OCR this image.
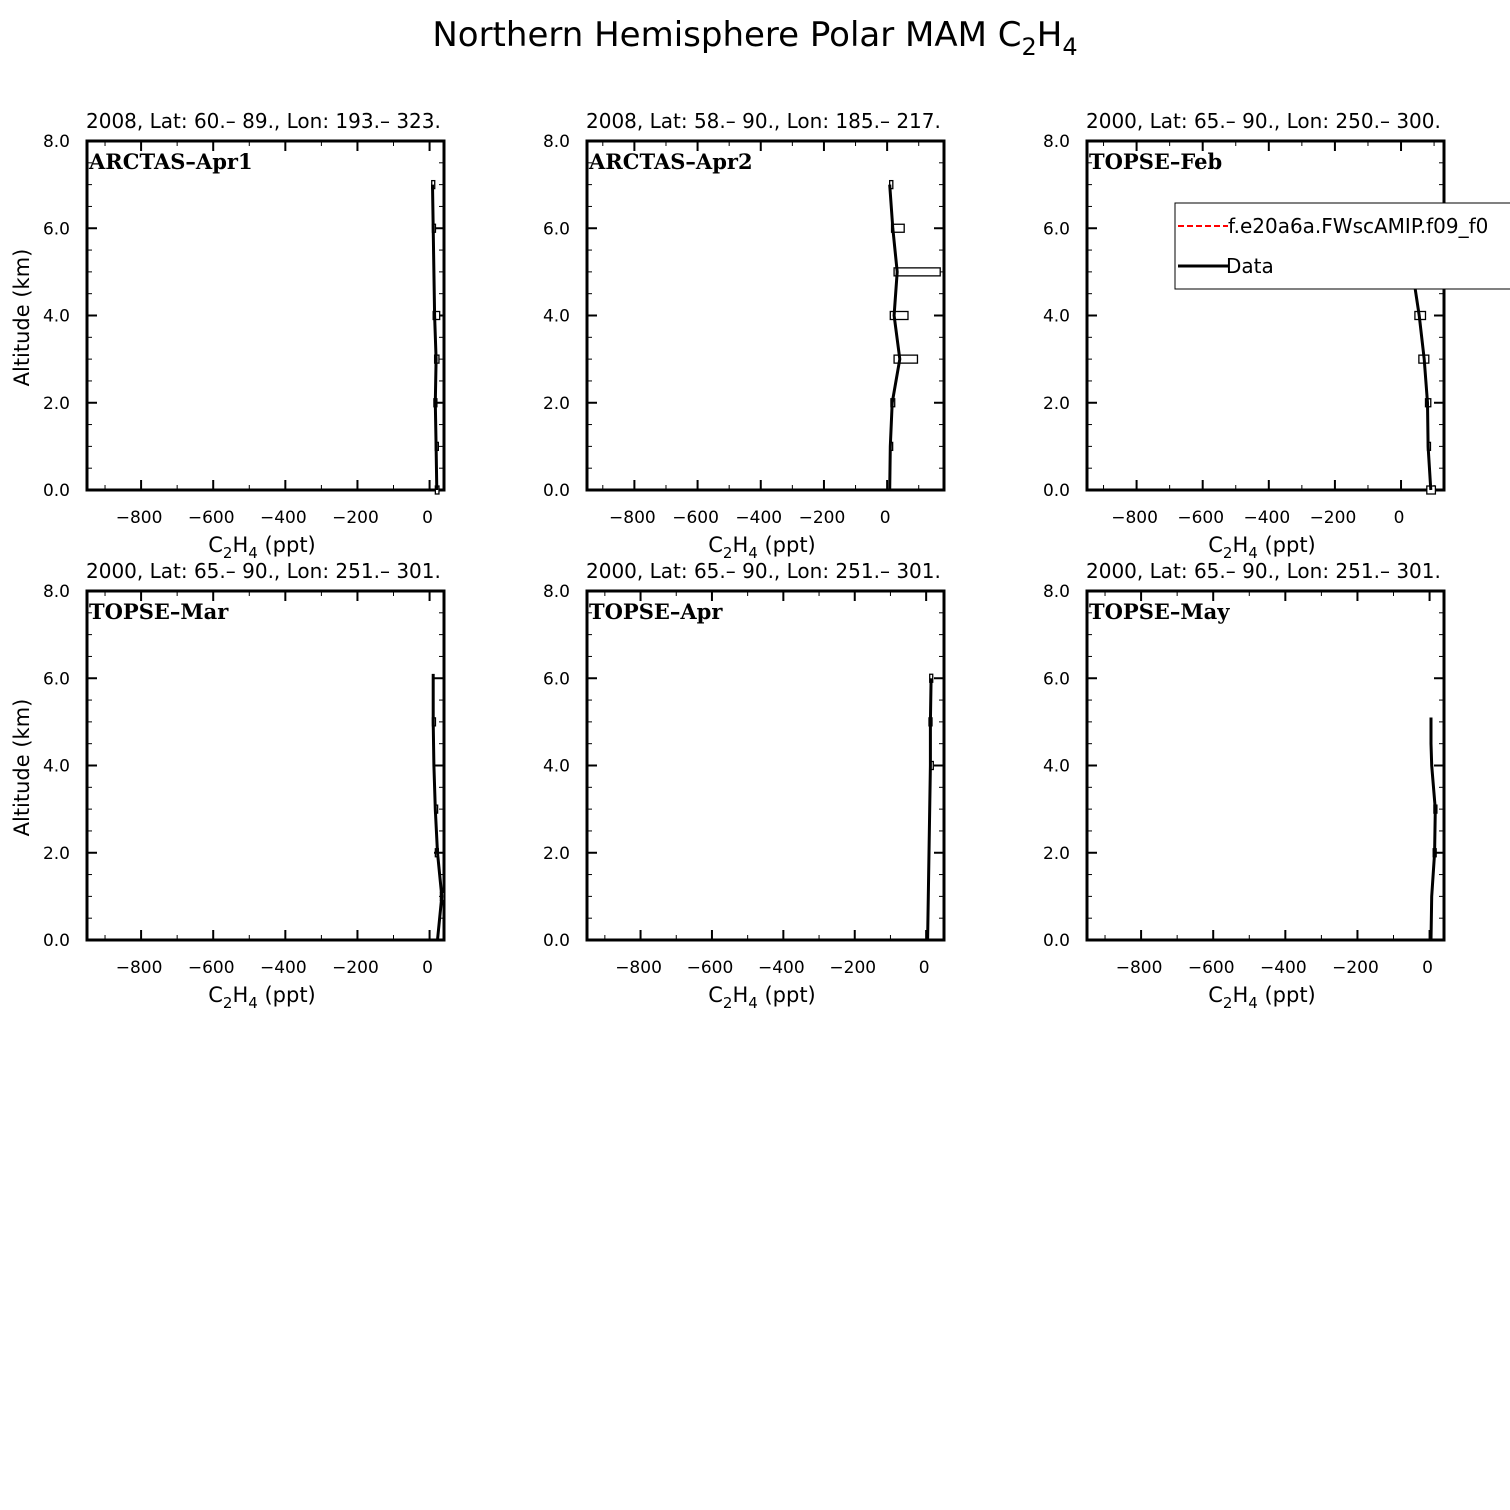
Northern Hemisphere Polar MAM $C_2H_4$
2008, Lat: 60.– 89., Lon: 193.– 323.
0.0
2.0
4.0
6.0
8.0
−800 −600 −400 −200	0
ARCTAS–Apr1
$C_2H_4$ (ppt)
Altitude (km)
2008, Lat: 58.– 90., Lon: 185.– 217.
0.0
2.0
4.0
6.0
8.0
−800 −600 −400 −200 0
ARCTAS–Apr2
$C_2H_4$ (ppt)
2000, Lat: 65.– 90., Lon: 250.– 300.
0.0
2.0
4.0
6.0
8.0
−800 −600 −400 −200 0
TOPSE–Feb
$C_2H_4$ (ppt)
2000, Lat: 65.– 90., Lon: 251.– 301.
0.0
2.0
4.0
6.0
8.0
−800 −600 −400 −200	0
TOPSE–Mar
$C_2H_4$ (ppt)
Altitude (km)
2000, Lat: 65.– 90., Lon: 251.– 301.
0.0
2.0
4.0
6.0
8.0
−800 −600 −400 −200	0
TOPSE–Apr
$C_2H_4$ (ppt)
2000, Lat: 65.– 90., Lon: 251.– 301.
0.0
2.0
4.0
6.0
8.0
−800 −600 −400 −200	0
TOPSE–May
$C_2H_4$ (ppt)
f.e20a6a.FWscAMIP.f09_f0
Data
